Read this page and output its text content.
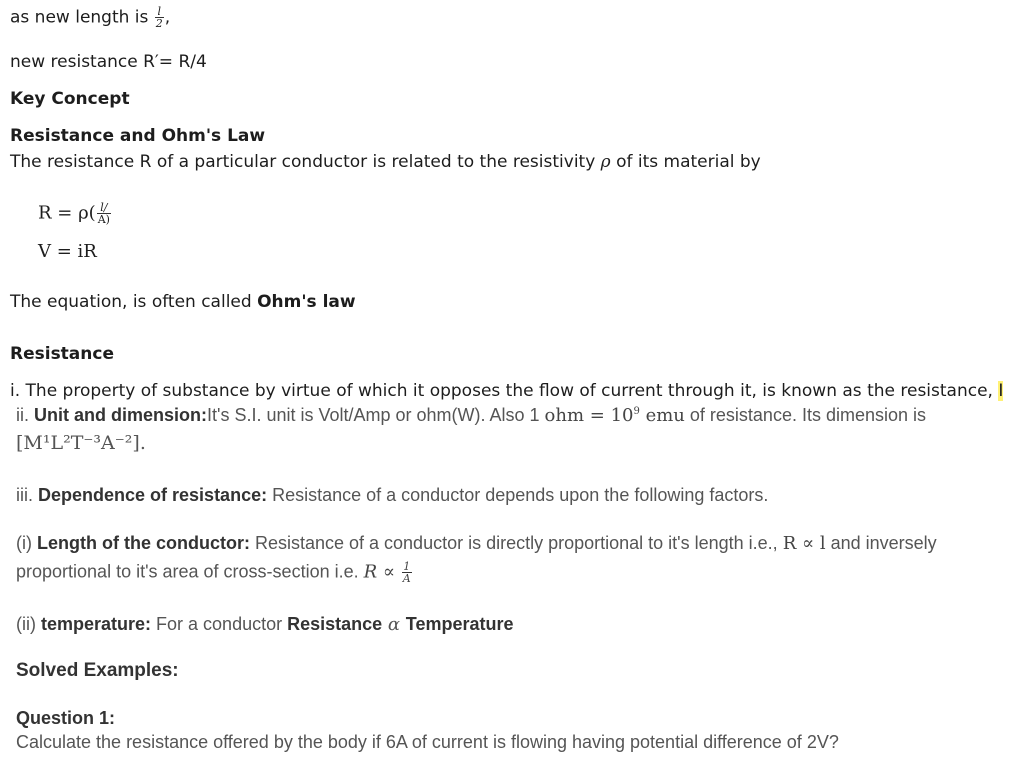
as new length is $\frac{l}{2}$ ,
new resistance R′= R/4
Key Concept
Resistance and Ohm's Law
The resistance R of a particular conductor is related to the resistivity ρ of its material by
$R = \rho( \frac{l/}{A)}$
V = iR
The equation, is often called Ohm's law
Resistance
i. The property of substance by virtue of which it opposes the flow of current through it, is known as the resistance, I
ii. Unit and dimension:It's S.I. unit is Volt/Amp or ohm(W). Also 1 ohm = $10^9$ emu of resistance. Its dimension is
[M¹L²T⁻³A⁻²].
iii. Dependence of resistance: Resistance of a conductor depends upon the following factors.
(i) Length of the conductor: Resistance of a conductor is directly proportional to it's length i.e., R ∝ l and inversely
proportional to it's area of cross-section i.e. $R \propto \frac{1}{A}$
(ii) temperature: For a conductor Resistance α Temperature
Solved Examples:
Question 1:
Calculate the resistance offered by the body if 6A of current is flowing having potential difference of 2V?
